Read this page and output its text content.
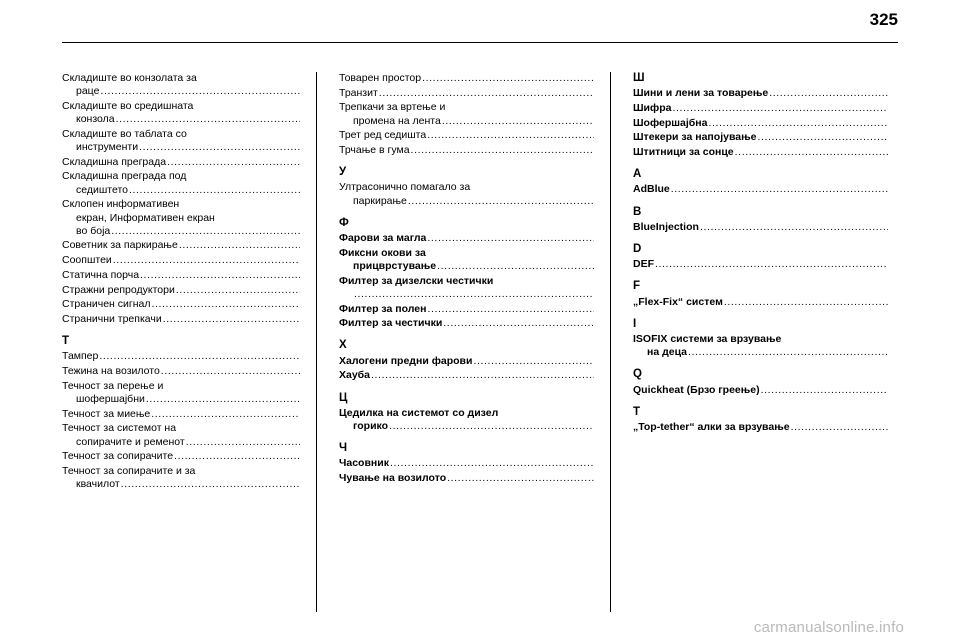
325
Складиште во конзолата за
раце.....
Складиште во средишната
конзола.....
Складиште во таблата со
инструменти.....
Складишна преграда.....
Складишна преграда под
седиштето.....
Склопен информативен
екран, Информативен екран
во боја.....
Советник за паркирање.....
Соопштеи.....
Статична порча.....
Стражни репродуктори.....
Страничен сигнал.....
Странични трепкачи.....
Т
Тампер.....
Тежина на возилото.....
Течност за перење и
шофершајбни.....
Течност за миење.....
Течност за системот на
сопирачите и ременот.....
Течност за сопирачите.....
Течност за сопирачите и за
квачилот.....
Товарен простор.....
Транзит.....
Трепкачи за вртење и
промена на лента.....
Трет ред седишта.....
Трчање в гума.....
У
Ултрасонично помагало за
паркирање.....
Ф
Фарови за магла.....
Фиксни окови за
прицврстување.....
Филтер за дизелски честички
.....
Филтер за полен.....
Филтер за честички.....
Х
Халогени предни фарови.....
Хауба.....
Ц
Цедилка на системот со дизел
горико.....
Ч
Часовник.....
Чување на возилото.....
Ш
Шини и лени за товарење.....
Шифра.....
Шофершајбна.....
Штекери за напојување.....
Штитници за сонце.....
A
AdBlue.....
B
BlueInjection.....
D
DEF.....
F
„Flex-Fix“ систем.....
I
ISOFIX системи за врзување
на деца.....
Q
Quickheat (Брзо греење).....
T
„Top-tether“ алки за врзување.....
carmanualsonline.info
